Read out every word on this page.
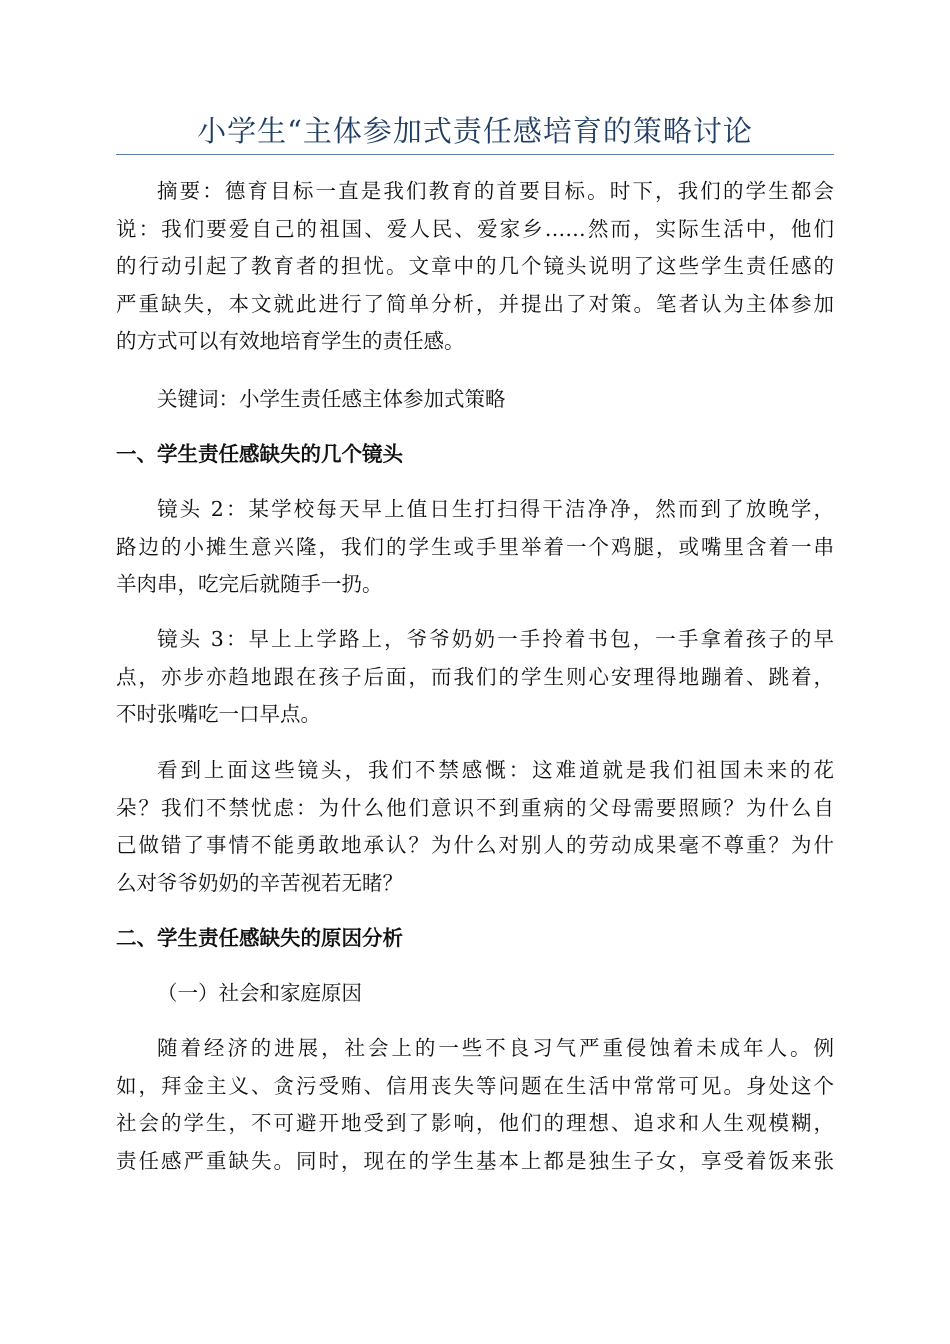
小学生“主体参加式责任感培育的策略讨论
摘要：德育目标一直是我们教育的首要目标。时下，我们的学生都会
说：我们要爱自己的祖国、爱人民、爱家乡……然而，实际生活中，他们
的行动引起了教育者的担忧。文章中的几个镜头说明了这些学生责任感的
严重缺失，本文就此进行了简单分析，并提出了对策。笔者认为主体参加
的方式可以有效地培育学生的责任感。
关键词：小学生责任感主体参加式策略
一、学生责任感缺失的几个镜头
镜头 2：某学校每天早上值日生打扫得干洁净净，然而到了放晚学，
路边的小摊生意兴隆，我们的学生或手里举着一个鸡腿，或嘴里含着一串
羊肉串，吃完后就随手一扔。
镜头 3：早上上学路上，爷爷奶奶一手拎着书包，一手拿着孩子的早
点，亦步亦趋地跟在孩子后面，而我们的学生则心安理得地蹦着、跳着，
不时张嘴吃一口早点。
看到上面这些镜头，我们不禁感慨：这难道就是我们祖国未来的花
朵？我们不禁忧虑：为什么他们意识不到重病的父母需要照顾？为什么自
己做错了事情不能勇敢地承认？为什么对别人的劳动成果毫不尊重？为什
么对爷爷奶奶的辛苦视若无睹？
二、学生责任感缺失的原因分析
（一）社会和家庭原因
随着经济的进展，社会上的一些不良习气严重侵蚀着未成年人。例
如，拜金主义、贪污受贿、信用丧失等问题在生活中常常可见。身处这个
社会的学生，不可避开地受到了影响，他们的理想、追求和人生观模糊，
责任感严重缺失。同时，现在的学生基本上都是独生子女，享受着饭来张
